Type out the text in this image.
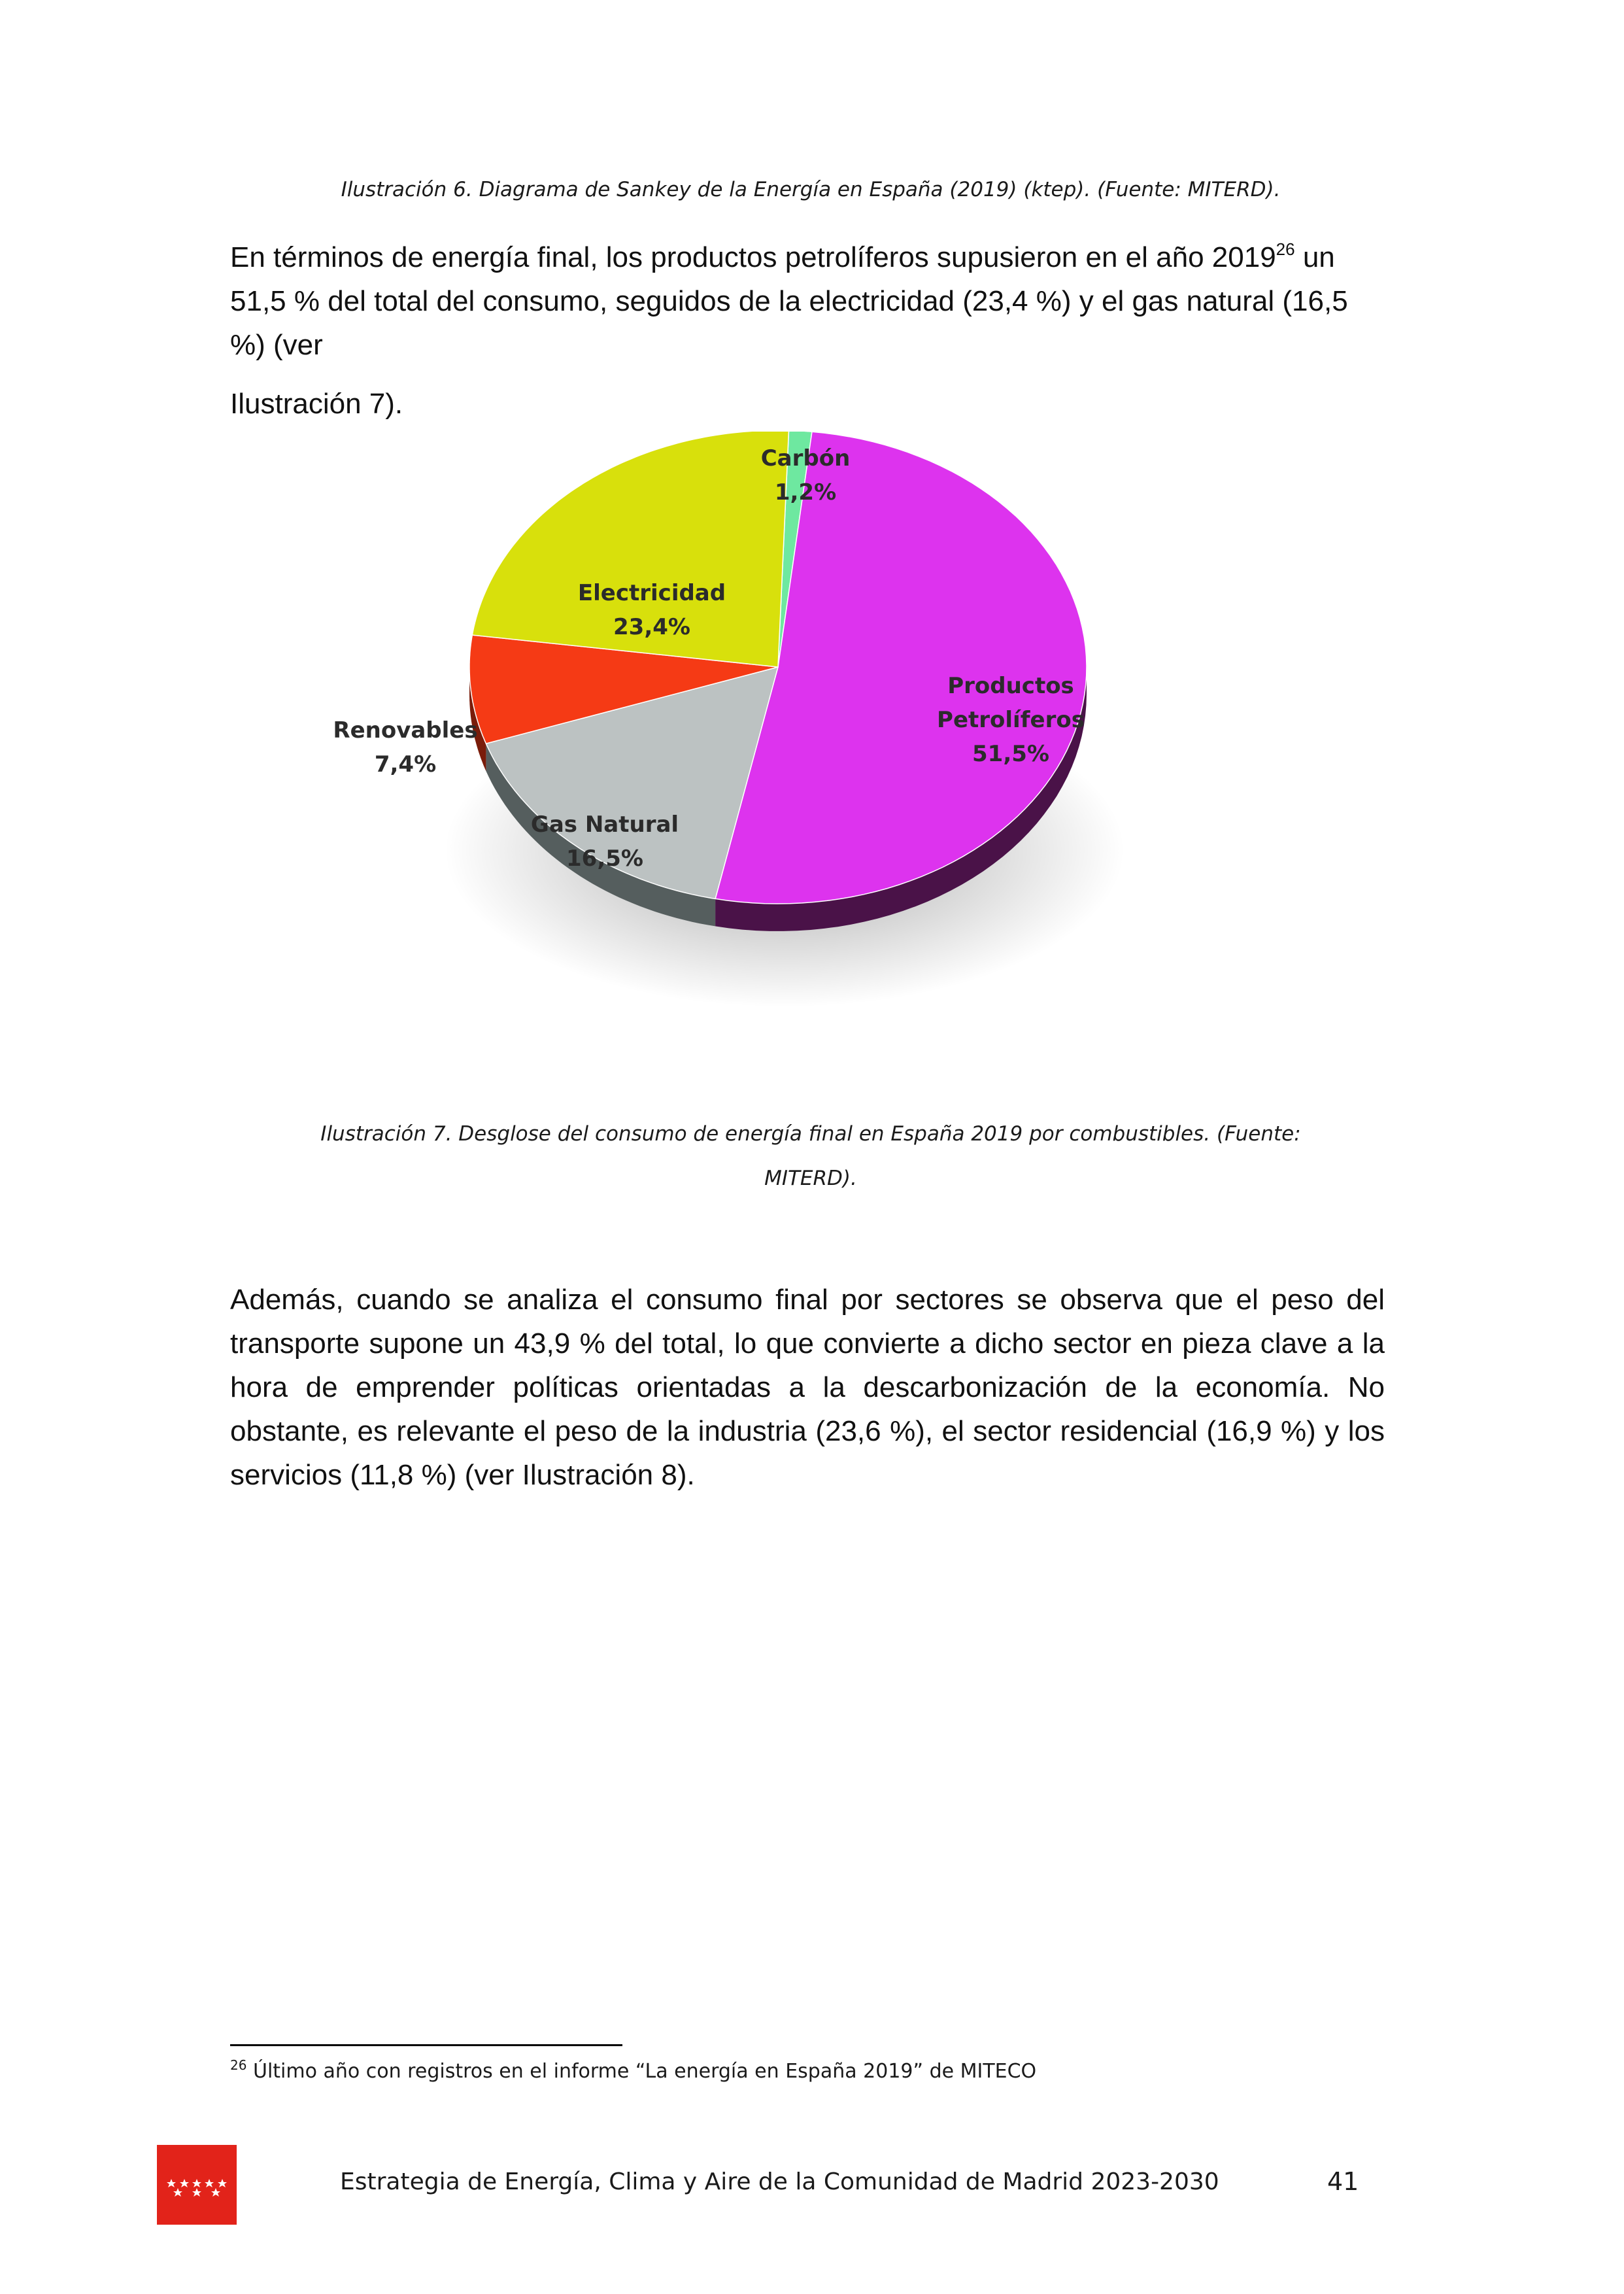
Ilustración 6. Diagrama de Sankey de la Energía en España (2019) (ktep). (Fuente: MITERD).

En términos de energía final, los productos petrolíferos supusieron en el año 2019$^{26}$ un
51,5 % del total del consumo, seguidos de la electricidad (23,4 %) y el gas natural (16,5
%) (ver

Ilustración 7).

Carbón
1,2%
Productos
Petrolíferos
51,5%
Gas Natural
16,5%
Renovables
7,4%
Electricidad
23,4%

Ilustración 7. Desglose del consumo de energía final en España 2019 por combustibles. (Fuente:
MITERD).

Además, cuando se analiza el consumo final por sectores se observa que el peso del transporte supone un 43,9 % del total, lo que convierte a dicho sector en pieza clave a la hora de emprender políticas orientadas a la descarbonización de la economía. No obstante, es relevante el peso de la industria (23,6 %), el sector residencial (16,9 %) y los servicios (11,8 %) (ver Ilustración 8).

$^{26}$ Último año con registros en el informe “La energía en España 2019” de MITECO

Estrategia de Energía, Clima y Aire de la Comunidad de Madrid 2023-2030	41
